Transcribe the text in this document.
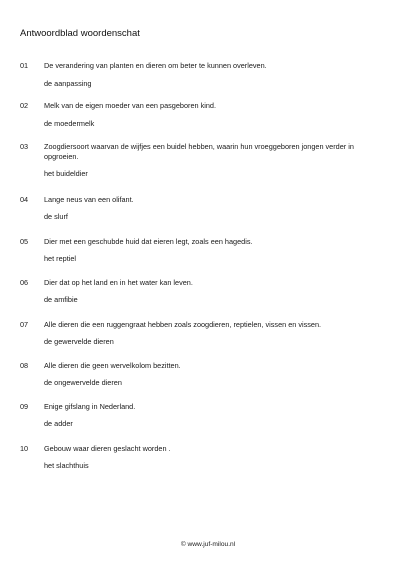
Antwoordblad woordenschat
01 De verandering van planten en dieren om beter te kunnen overleven.
de aanpassing
02 Melk van de eigen moeder van een pasgeboren kind.
de moedermelk
03 Zoogdiersoort waarvan de wijfjes een buidel hebben, waarin hun vroeggeboren jongen verder in opgroeien.
het buideldier
04 Lange neus van een olifant.
de slurf
05 Dier met een geschubde huid dat eieren legt, zoals een hagedis.
het reptiel
06 Dier dat op het land en in het water kan leven.
de amfibie
07 Alle dieren die een ruggengraat hebben zoals zoogdieren, reptielen, vissen en vissen.
de gewervelde dieren
08 Alle dieren die geen wervelkolom bezitten.
de ongewervelde dieren
09 Enige gifslang in Nederland.
de adder
10 Gebouw waar dieren geslacht worden .
het slachthuis
© www.juf-milou.nl
